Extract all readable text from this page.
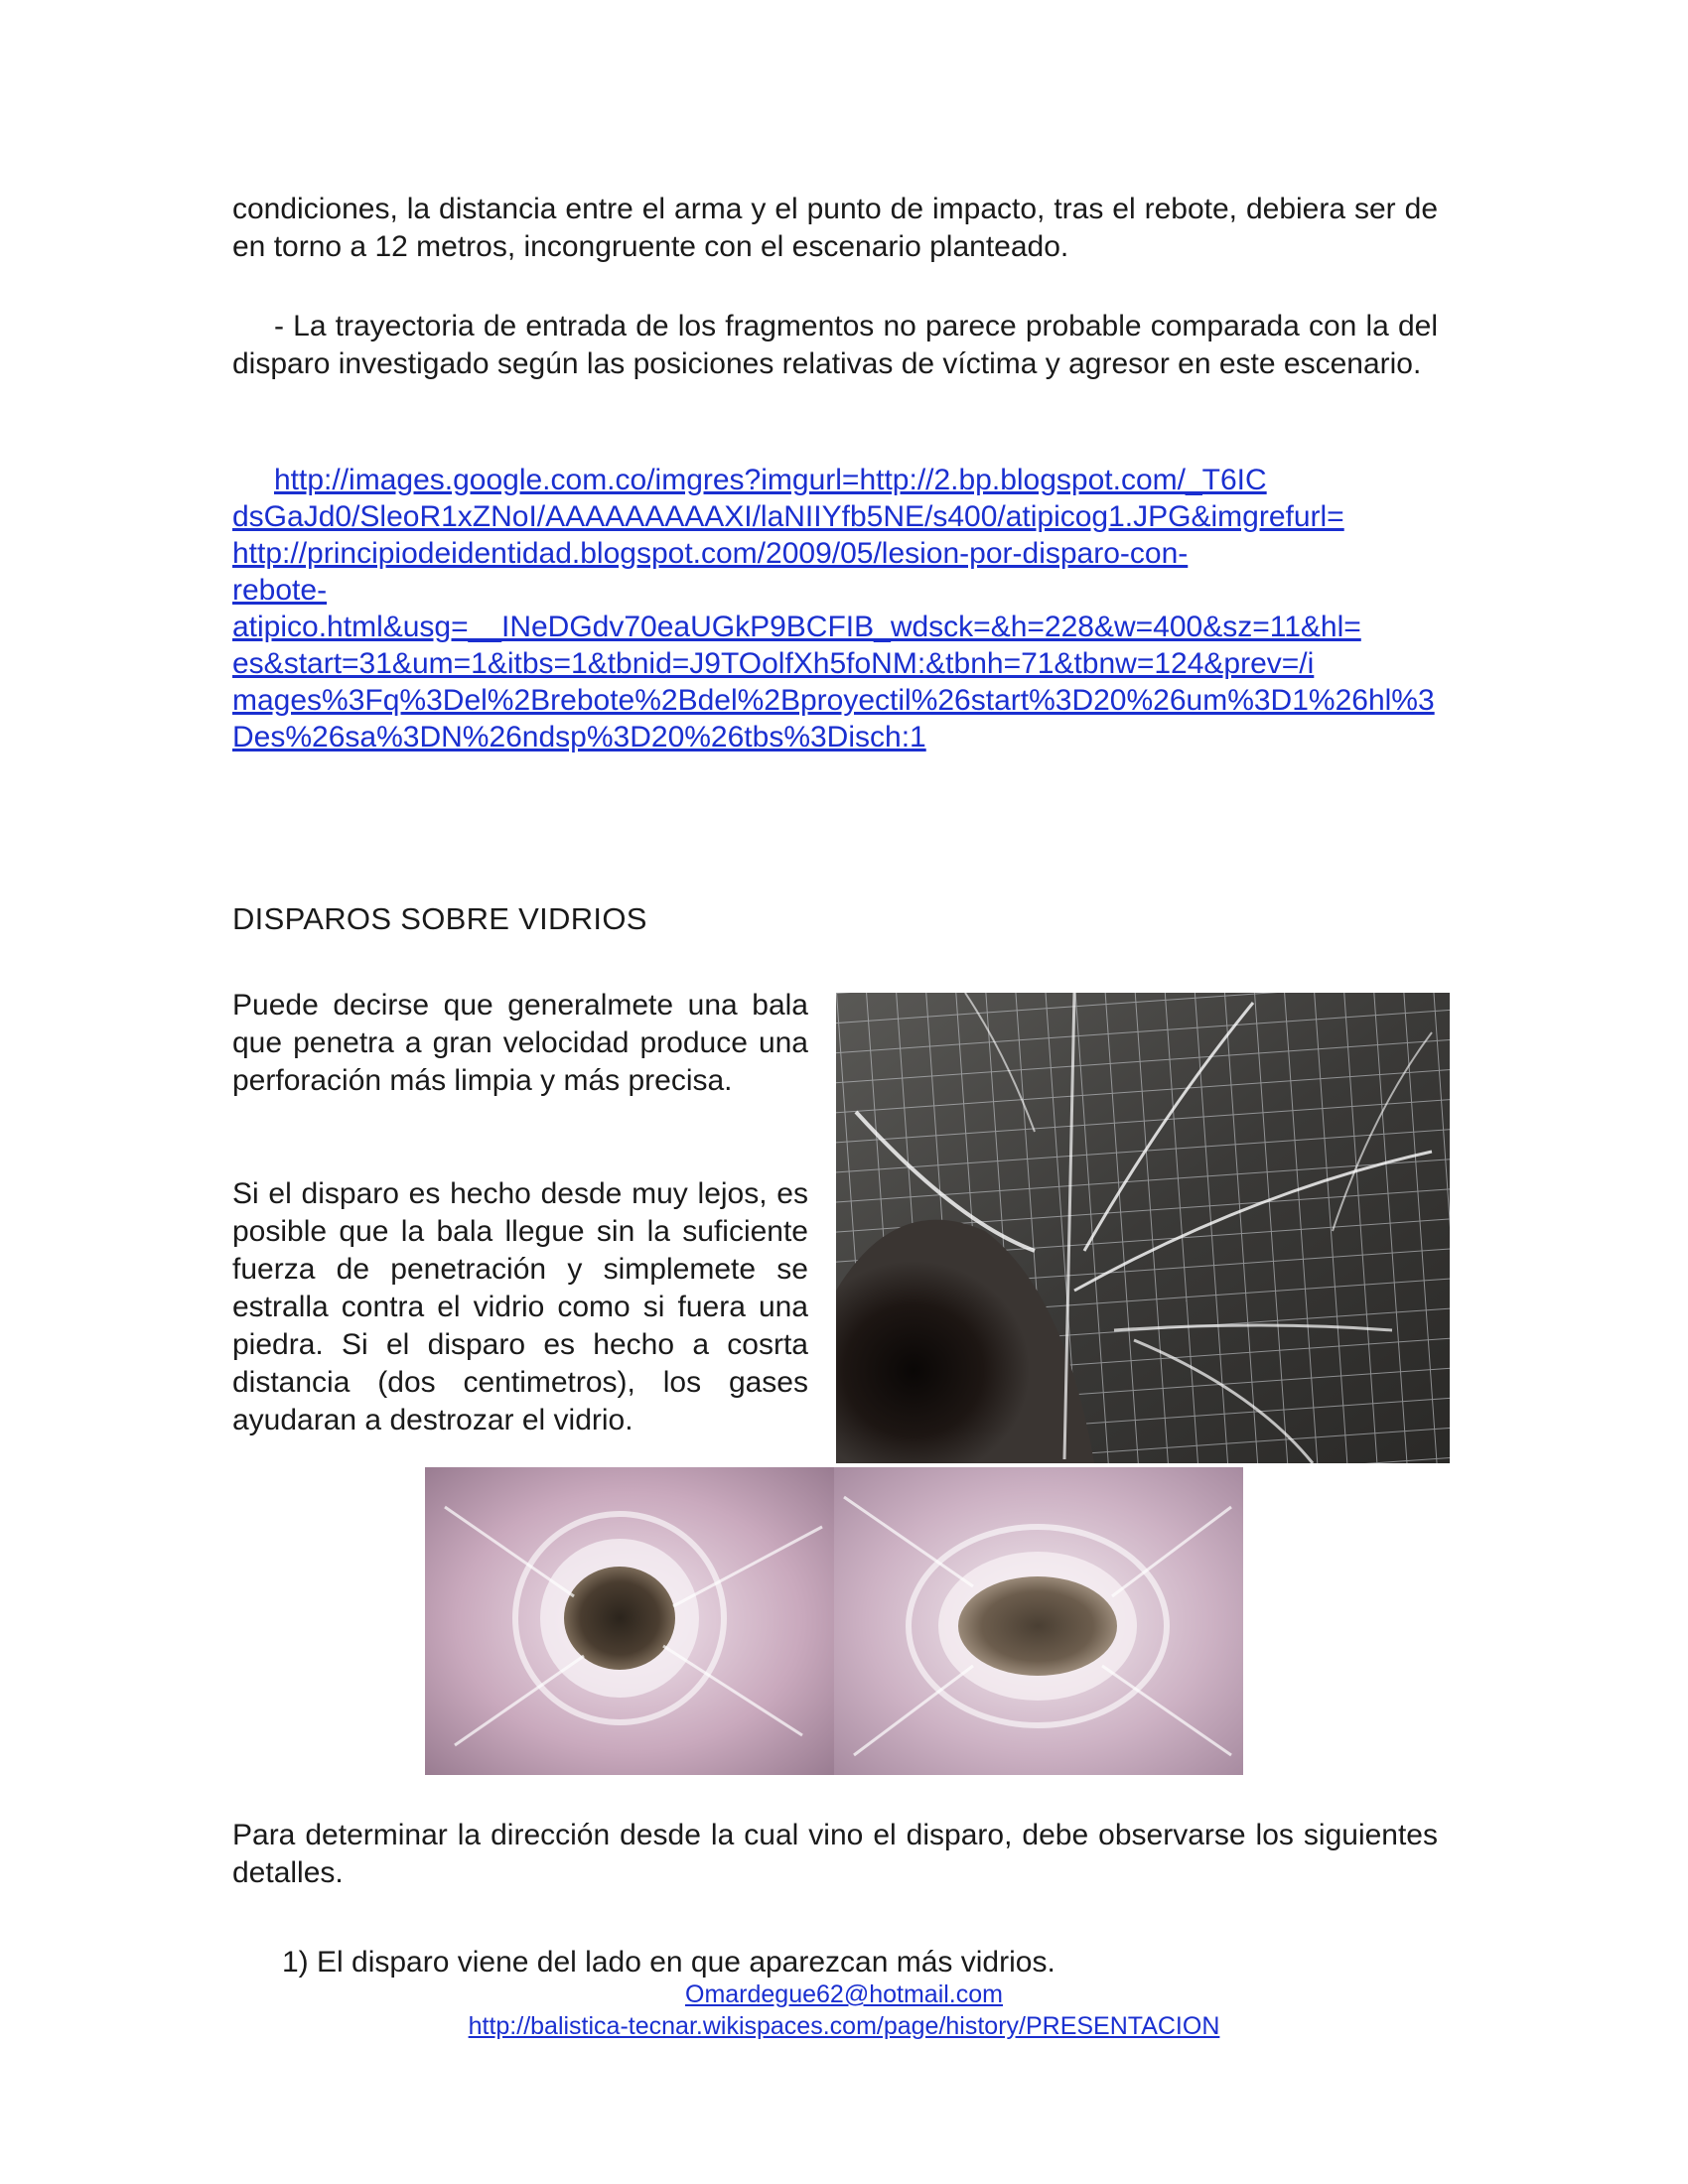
condiciones, la distancia entre el arma y el punto de impacto, tras el rebote, debiera ser de en torno a 12 metros, incongruente con el escenario planteado.

- La trayectoria de entrada de los fragmentos no parece probable comparada con la del disparo investigado según las posiciones relativas de víctima y agresor en este escenario.

http://images.google.com.co/imgres?imgurl=http://2.bp.blogspot.com/_T6IC
dsGaJd0/SleoR1xZNoI/AAAAAAAAAXI/laNIIYfb5NE/s400/atipicog1.JPG&imgrefurl=
http://principiodeidentidad.blogspot.com/2009/05/lesion-por-disparo-con-
rebote-
atipico.html&usg=__INeDGdv70eaUGkP9BCFIB_wdsck=&h=228&w=400&sz=11&hl=
es&start=31&um=1&itbs=1&tbnid=J9TOolfXh5foNM:&tbnh=71&tbnw=124&prev=/i
mages%3Fq%3Del%2Brebote%2Bdel%2Bproyectil%26start%3D20%26um%3D1%26hl%3
Des%26sa%3DN%26ndsp%3D20%26tbs%3Disch:1
DISPAROS SOBRE VIDRIOS

Puede decirse que generalmete una bala que penetra a gran velocidad produce una perforación más limpia y más precisa.

Si el disparo es hecho desde muy lejos, es posible que la bala llegue sin la suficiente fuerza de penetración y simplemete se estralla contra el vidrio como si fuera una piedra. Si el disparo es hecho a cosrta distancia (dos centimetros), los gases ayudaran a destrozar el vidrio.

Para determinar la dirección desde la cual vino el disparo, debe observarse los siguientes detalles.

1) El disparo viene del lado en que aparezcan más vidrios.

Omardegue62@hotmail.com
http://balistica-tecnar.wikispaces.com/page/history/PRESENTACION
